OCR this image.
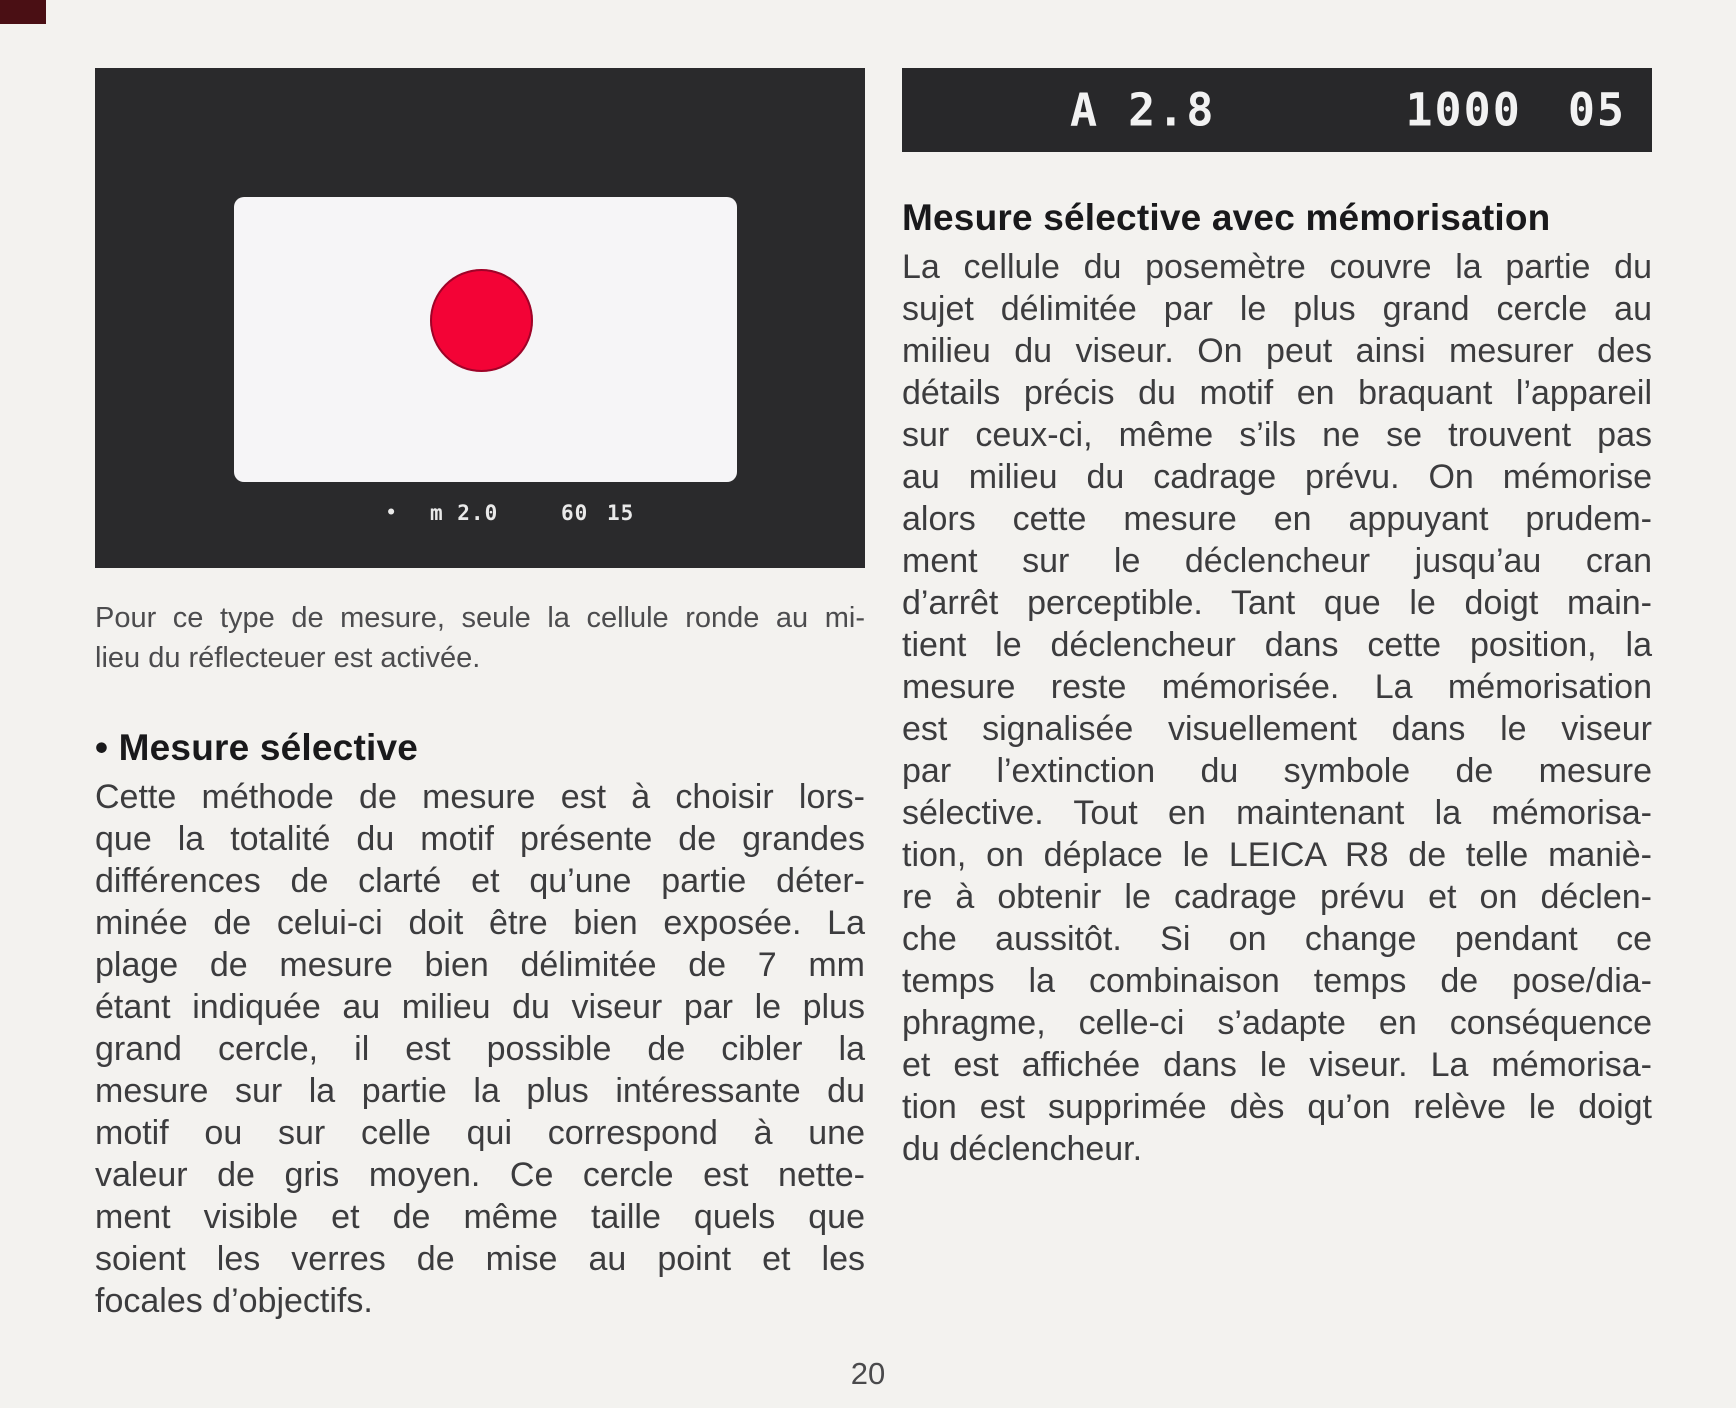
• m 2.0	60 15
Pour ce type de mesure, seule la cellule ronde au mi-
lieu du réflecteuer est activée.
• Mesure sélective
Cette méthode de mesure est à choisir lors-
que la totalité du motif présente de grandes
différences de clarté et qu’une partie déter-
minée de celui-ci doit être bien exposée. La
plage de mesure bien délimitée de 7 mm
étant indiquée au milieu du viseur par le plus
grand cercle, il est possible de cibler la
mesure sur la partie la plus intéressante du
motif ou sur celle qui correspond à une
valeur de gris moyen. Ce cercle est nette-
ment visible et de même taille quels que
soient les verres de mise au point et les
focales d’objectifs.
A 2.8	1000 05
Mesure sélective avec mémorisation
La cellule du posemètre couvre la partie du
sujet délimitée par le plus grand cercle au
milieu du viseur. On peut ainsi mesurer des
détails précis du motif en braquant l’appareil
sur ceux-ci, même s’ils ne se trouvent pas
au milieu du cadrage prévu. On mémorise
alors cette mesure en appuyant prudem-
ment sur le déclencheur jusqu’au cran
d’arrêt perceptible. Tant que le doigt main-
tient le déclencheur dans cette position, la
mesure reste mémorisée. La mémorisation
est signalisée visuellement dans le viseur
par l’extinction du symbole de mesure
sélective. Tout en maintenant la mémorisa-
tion, on déplace le LEICA R8 de telle maniè-
re à obtenir le cadrage prévu et on déclen-
che aussitôt. Si on change pendant ce
temps la combinaison temps de pose/dia-
phragme, celle-ci s’adapte en conséquence
et est affichée dans le viseur. La mémorisa-
tion est supprimée dès qu’on relève le doigt
du déclencheur.
20
